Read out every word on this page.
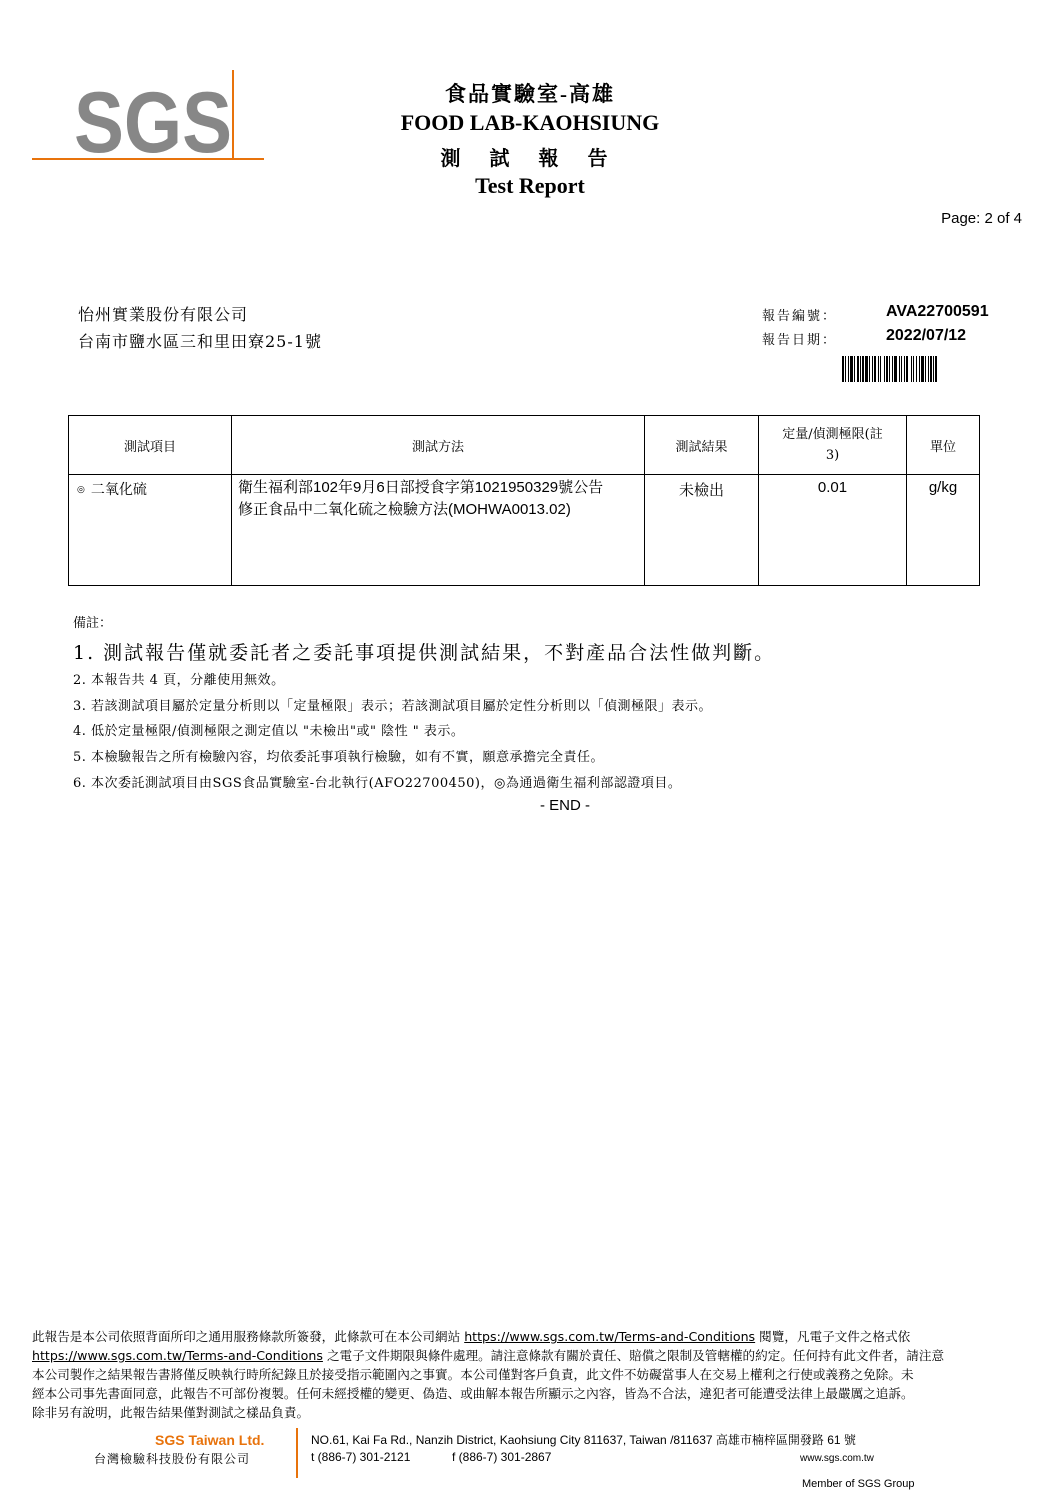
SGS	食品實驗室-高雄
FOOD LAB-KAOHSIUNG
測 試 報 告
Test Report
Page: 2 of 4
怡州實業股份有限公司
台南市鹽水區三和里田寮25-1號
報告編號：	AVA22700591
報告日期：	2022/07/12
測試項目	測試方法	測試結果	定量/偵測極限(註3)	單位
◎ 二氧化硫	衛生福利部102年9月6日部授食字第1021950329號公告
修正食品中二氧化硫之檢驗方法(MOHWA0013.02)	未檢出	0.01	g/kg
備註：
1. 測試報告僅就委託者之委託事項提供測試結果，不對產品合法性做判斷。
2. 本報告共 4 頁，分離使用無效。
3. 若該測試項目屬於定量分析則以「定量極限」表示；若該測試項目屬於定性分析則以「偵測極限」表示。
4. 低於定量極限/偵測極限之測定值以 "未檢出"或" 陰性 " 表示。
5. 本檢驗報告之所有檢驗內容，均依委託事項執行檢驗，如有不實，願意承擔完全責任。
6. 本次委託測試項目由SGS食品實驗室-台北執行(AFO22700450)，◎為通過衛生福利部認證項目。
- END -
此報告是本公司依照背面所印之通用服務條款所簽發，此條款可在本公司網站 https://www.sgs.com.tw/Terms-and-Conditions 閱覽，凡電子文件之格式依
https://www.sgs.com.tw/Terms-and-Conditions 之電子文件期限與條件處理。請注意條款有關於責任、賠償之限制及管轄權的約定。任何持有此文件者，請注意
本公司製作之結果報告書將僅反映執行時所紀錄且於接受指示範圍內之事實。本公司僅對客戶負責，此文件不妨礙當事人在交易上權利之行使或義務之免除。未
經本公司事先書面同意，此報告不可部份複製。任何未經授權的變更、偽造、或曲解本報告所顯示之內容，皆為不合法，違犯者可能遭受法律上最嚴厲之追訴。
除非另有說明，此報告結果僅對測試之樣品負責。
SGS Taiwan Ltd.
台灣檢驗科技股份有限公司
NO.61, Kai Fa Rd., Nanzih District, Kaohsiung City 811637, Taiwan /811637 高雄市楠梓區開發路 61 號
t (886-7) 301-2121	f (886-7) 301-2867	www.sgs.com.tw
Member of SGS Group
